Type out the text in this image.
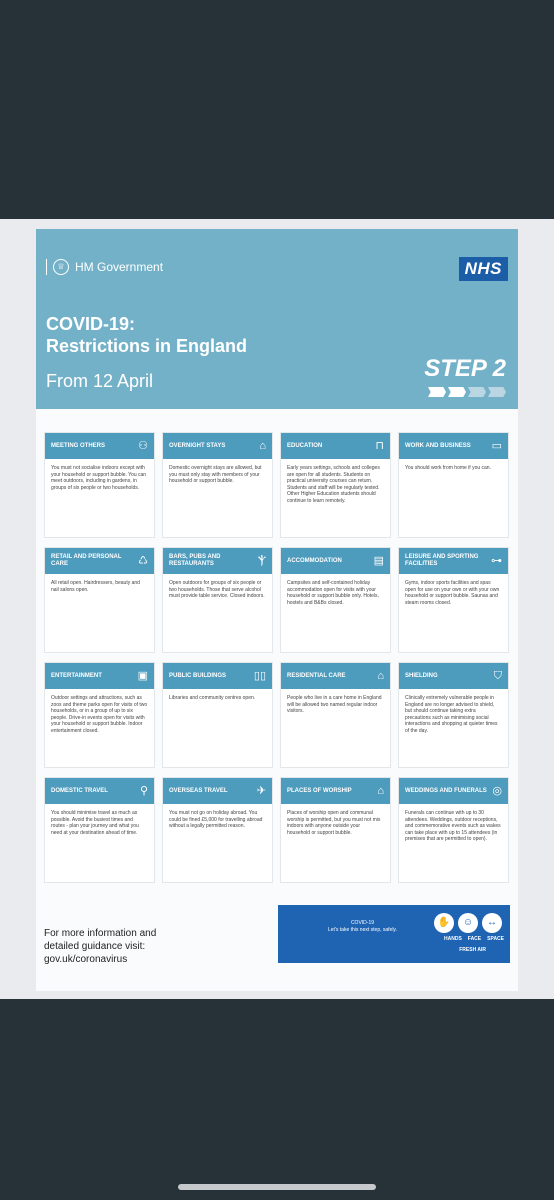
♕ HM Government	NHS
COVID-19:
Restrictions in England
From 12 April	STEP 2
MEETING OTHERS	⚇
You must not socialise indoors except with your household or support bubble. You can meet outdoors, including in gardens, in groups of six people or two households.
OVERNIGHT STAYS	⌂
Domestic overnight stays are allowed, but you must only stay with members of your household or support bubble.
EDUCATION	⊓
Early years settings, schools and colleges are open for all students. Students on practical university courses can return. Students and staff will be regularly tested. Other Higher Education students should continue to learn remotely.
WORK AND BUSINESS ▭
You should work from home if you can.
RETAIL AND PERSONAL CARE	♺
All retail open. Hairdressers, beauty and nail salons open.
BARS, PUBS AND RESTAURANTS	Ⲯ
Open outdoors for groups of six people or two households. Those that serve alcohol must provide table service. Closed indoors.
ACCOMMODATION	▤
Campsites and self-contained holiday accommodation open for visits with your household or support bubble only. Hotels, hostels and B&Bs closed.
LEISURE AND SPORTING FACILITIES	⊶
Gyms, indoor sports facilities and spas open for use on your own or with your own household or support bubble. Saunas and steam rooms closed.
ENTERTAINMENT	▣
Outdoor settings and attractions, such as zoos and theme parks open for visits of two households, or in a group of up to six people. Drive-in events open for visits with your household or support bubble. Indoor entertainment closed.
PUBLIC BUILDINGS	▯▯
Libraries and community centres open.
RESIDENTIAL CARE	⌂
People who live in a care home in England will be allowed two named regular indoor visitors.
SHIELDING	⛉
Clinically extremely vulnerable people in England are no longer advised to shield, but should continue taking extra precautions such as minimising social interactions and shopping at quieter times of the day.
DOMESTIC TRAVEL	⚲
You should minimise travel as much as possible. Avoid the busiest times and routes - plan your journey and what you need at your destination ahead of time.
OVERSEAS TRAVEL	✈
You must not go on holiday abroad. You could be fined £5,000 for travelling abroad without a legally permitted reason.
PLACES OF WORSHIP ⌂
Places of worship open and communal worship is permitted, but you must not mix indoors with anyone outside your household or support bubble.
WEDDINGS AND FUNERALS ◎
Funerals can continue with up to 30 attendees. Weddings, outdoor receptions, and commemorative events such as wakes can take place with up to 15 attendees (in premises that are permitted to open).
For more information and
detailed guidance visit:
gov.uk/coronavirus
COVID-19
Let's take this next step, safely.
✋	☺	↔
HANDS FACE SPACE
FRESH AIR
